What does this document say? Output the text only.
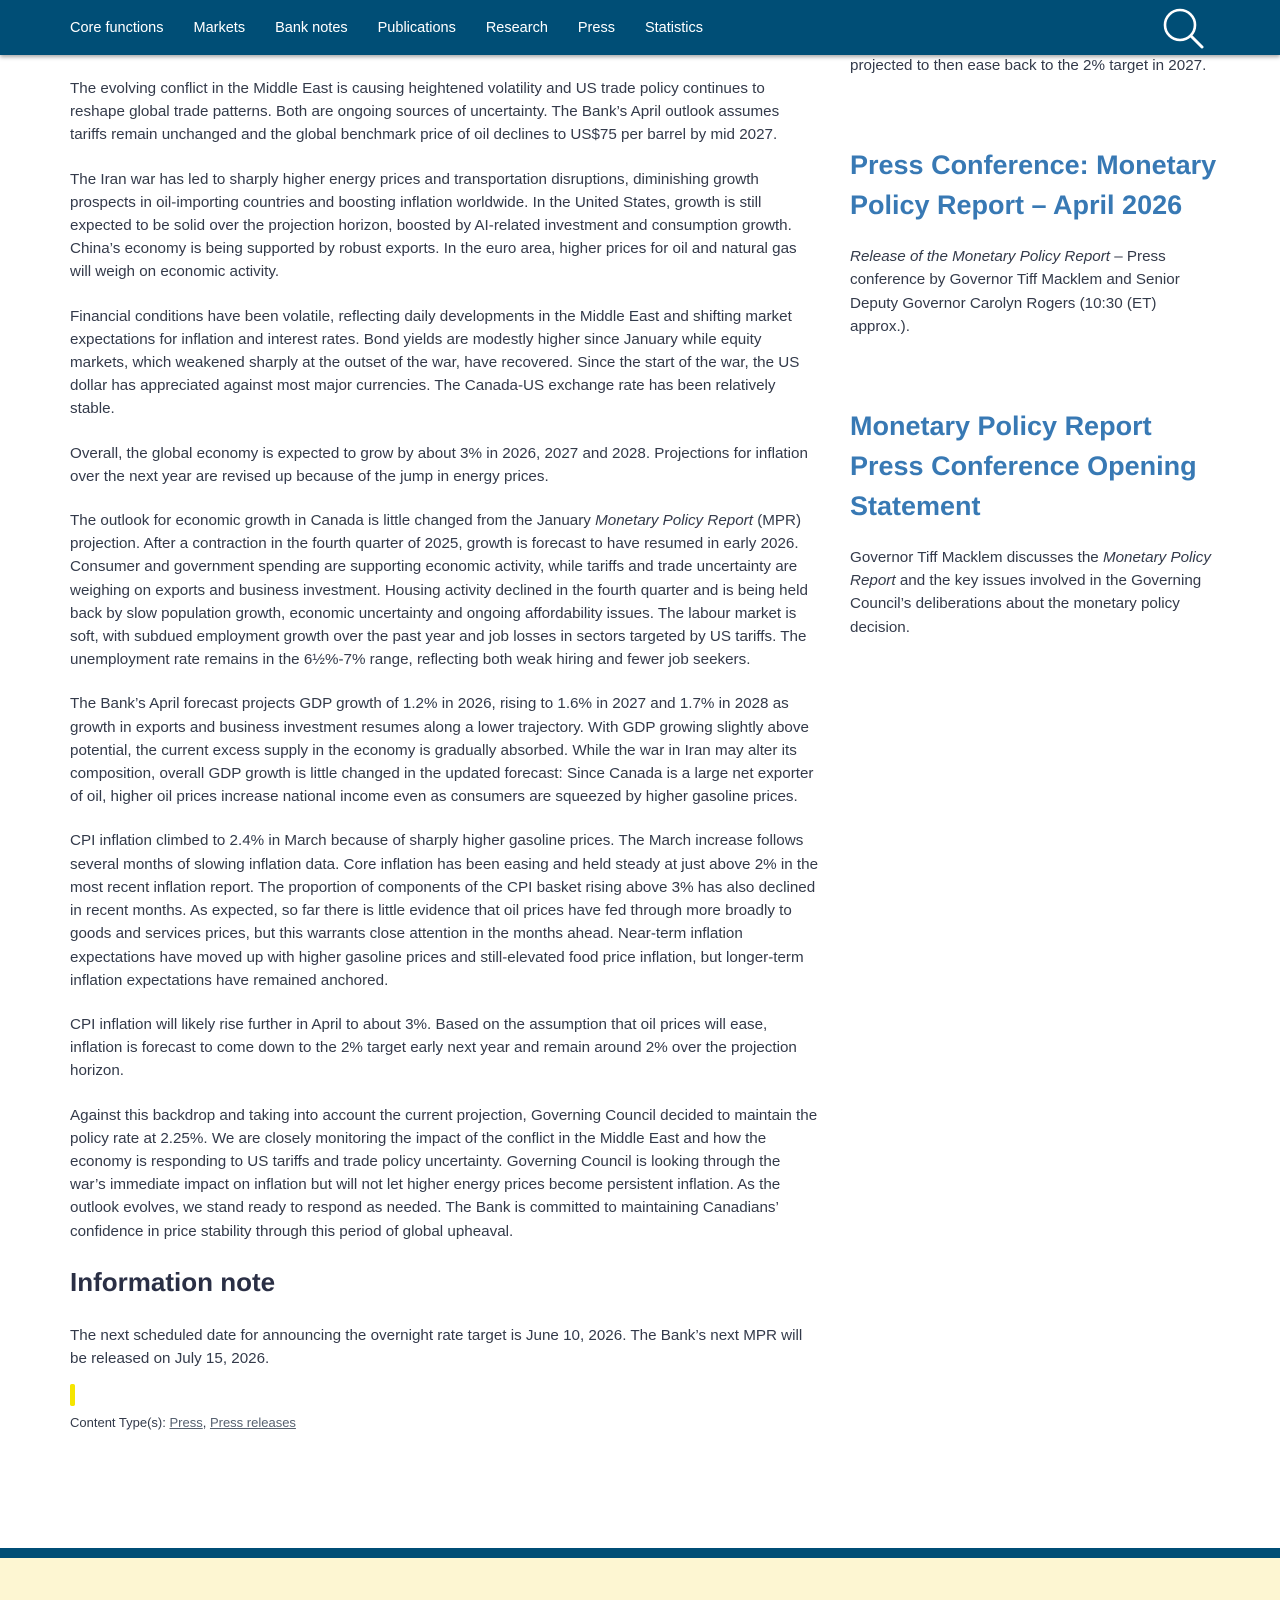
Core functions Markets Bank notes Publications Research Press Statistics

The evolving conflict in the Middle East is causing heightened volatility and US trade policy continues to reshape global trade patterns. Both are ongoing sources of uncertainty. The Bank’s April outlook assumes tariffs remain unchanged and the global benchmark price of oil declines to US$75 per barrel by mid 2027.

The Iran war has led to sharply higher energy prices and transportation disruptions, diminishing growth prospects in oil-importing countries and boosting inflation worldwide. In the United States, growth is still expected to be solid over the projection horizon, boosted by AI-related investment and consumption growth. China’s economy is being supported by robust exports. In the euro area, higher prices for oil and natural gas will weigh on economic activity.

Financial conditions have been volatile, reflecting daily developments in the Middle East and shifting market expectations for inflation and interest rates. Bond yields are modestly higher since January while equity markets, which weakened sharply at the outset of the war, have recovered. Since the start of the war, the US dollar has appreciated against most major currencies. The Canada-US exchange rate has been relatively stable.

Overall, the global economy is expected to grow by about 3% in 2026, 2027 and 2028. Projections for inflation over the next year are revised up because of the jump in energy prices.

The outlook for economic growth in Canada is little changed from the January Monetary Policy Report (MPR) projection. After a contraction in the fourth quarter of 2025, growth is forecast to have resumed in early 2026. Consumer and government spending are supporting economic activity, while tariffs and trade uncertainty are weighing on exports and business investment. Housing activity declined in the fourth quarter and is being held back by slow population growth, economic uncertainty and ongoing affordability issues. The labour market is soft, with subdued employment growth over the past year and job losses in sectors targeted by US tariffs. The unemployment rate remains in the 6½%-7% range, reflecting both weak hiring and fewer job seekers.

The Bank’s April forecast projects GDP growth of 1.2% in 2026, rising to 1.6% in 2027 and 1.7% in 2028 as growth in exports and business investment resumes along a lower trajectory. With GDP growing slightly above potential, the current excess supply in the economy is gradually absorbed. While the war in Iran may alter its composition, overall GDP growth is little changed in the updated forecast: Since Canada is a large net exporter of oil, higher oil prices increase national income even as consumers are squeezed by higher gasoline prices.

CPI inflation climbed to 2.4% in March because of sharply higher gasoline prices. The March increase follows several months of slowing inflation data. Core inflation has been easing and held steady at just above 2% in the most recent inflation report. The proportion of components of the CPI basket rising above 3% has also declined in recent months. As expected, so far there is little evidence that oil prices have fed through more broadly to goods and services prices, but this warrants close attention in the months ahead. Near-term inflation expectations have moved up with higher gasoline prices and still-elevated food price inflation, but longer-term inflation expectations have remained anchored.

CPI inflation will likely rise further in April to about 3%. Based on the assumption that oil prices will ease, inflation is forecast to come down to the 2% target early next year and remain around 2% over the projection horizon.

Against this backdrop and taking into account the current projection, Governing Council decided to maintain the policy rate at 2.25%. We are closely monitoring the impact of the conflict in the Middle East and how the economy is responding to US tariffs and trade policy uncertainty. Governing Council is looking through the war’s immediate impact on inflation but will not let higher energy prices become persistent inflation. As the outlook evolves, we stand ready to respond as needed. The Bank is committed to maintaining Canadians’ confidence in price stability through this period of global upheaval.

Information note

The next scheduled date for announcing the overnight rate target is June 10, 2026. The Bank’s next MPR will be released on July 15, 2026.

Content Type(s): Press, Press releases

projected to then ease back to the 2% target in 2027.

Press Conference: Monetary Policy Report – April 2026

Release of the Monetary Policy Report – Press conference by Governor Tiff Macklem and Senior Deputy Governor Carolyn Rogers (10:30 (ET) approx.).

Monetary Policy Report Press Conference Opening Statement

Governor Tiff Macklem discusses the Monetary Policy Report and the key issues involved in the Governing Council’s deliberations about the monetary policy decision.
